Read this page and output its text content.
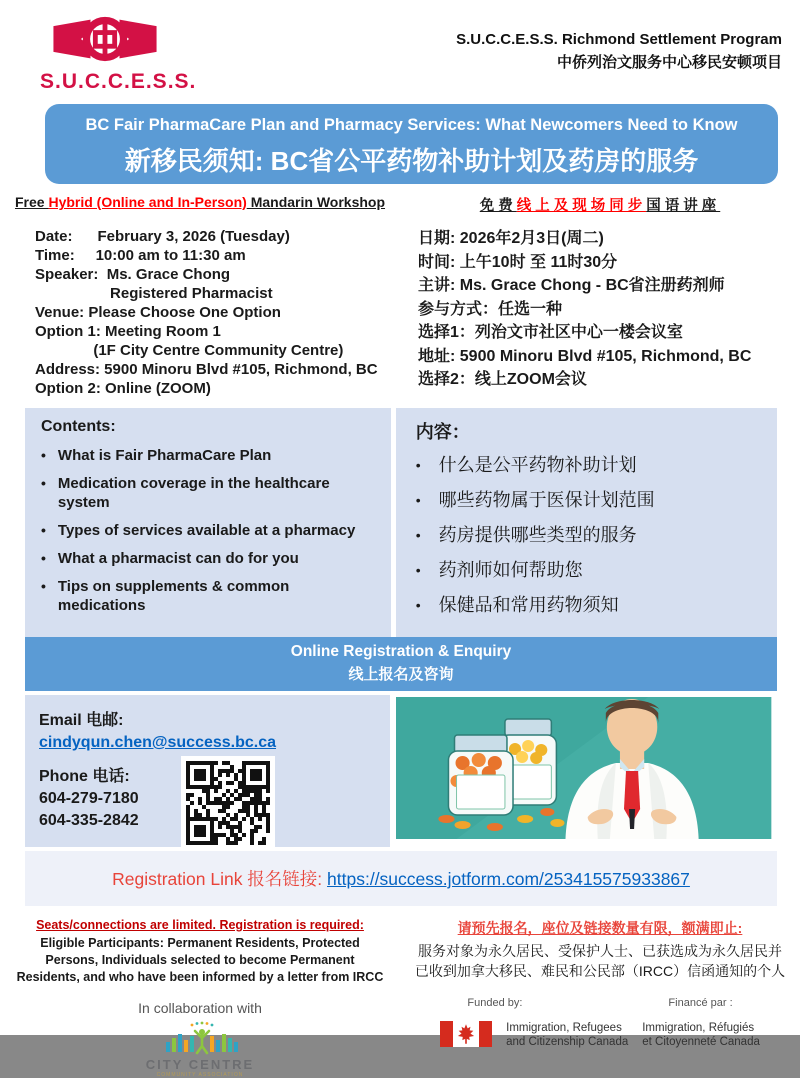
S.U.C.C.E.S.S.
S.U.C.C.E.S.S. Richmond Settlement Program
中侨列治文服务中心移民安顿项目
BC Fair PharmaCare Plan and Pharmacy Services: What Newcomers Need to Know
新移民须知: BC省公平药物补助计划及药房的服务
Free Hybrid (Online and In-Person) Mandarin Workshop	免费线上及现场同步国语讲座
Date:      February 3, 2026 (Tuesday)
Time:     10:00 am to 11:30 am
Speaker:  Ms. Grace Chong
Registered Pharmacist
Venue: Please Choose One Option
Option 1: Meeting Room 1
(1F City Centre Community Centre)
Address: 5900 Minoru Blvd #105, Richmond, BC
Option 2: Online (ZOOM)
日期: 2026年2月3日(周二)
时间: 上午10时 至 11时30分
主讲: Ms. Grace Chong - BC省注册药剂师
参与方式：任选一种
选择1：列治文市社区中心一楼会议室
地址: 5900 Minoru Blvd #105, Richmond, BC
选择2：线上ZOOM会议
Contents:
• What is Fair PharmaCare Plan
• Medication coverage in the healthcare system
• Types of services available at a pharmacy
• What a pharmacist can do for you
• Tips on supplements & common medications
内容：
• 什么是公平药物补助计划
• 哪些药物属于医保计划范围
• 药房提供哪些类型的服务
• 药剂师如何帮助您
• 保健品和常用药物须知
Online Registration & Enquiry
线上报名及咨询
Email 电邮:
cindyqun.chen@success.bc.ca
Phone 电话:
604-279-7180
604-335-2842
Registration Link 报名链接: https://success.jotform.com/253415575933867
Seats/connections are limited. Registration is required:
Eligible Participants: Permanent Residents, Protected Persons, Individuals selected to become Permanent Residents, and who have been informed by a letter from IRCC
In collaboration with
CITY CENTRE
COMMUNITY ASSOCIATION
请预先报名，座位及链接数量有限，额满即止:
服务对象为永久居民、受保护人士、已获选成为永久居民并已收到加拿大移民、难民和公民部（IRCC）信函通知的个人
Funded by:	Financé par :
Immigration, Refugees
and Citizenship Canada
Immigration, Réfugiés
et Citoyenneté Canada
